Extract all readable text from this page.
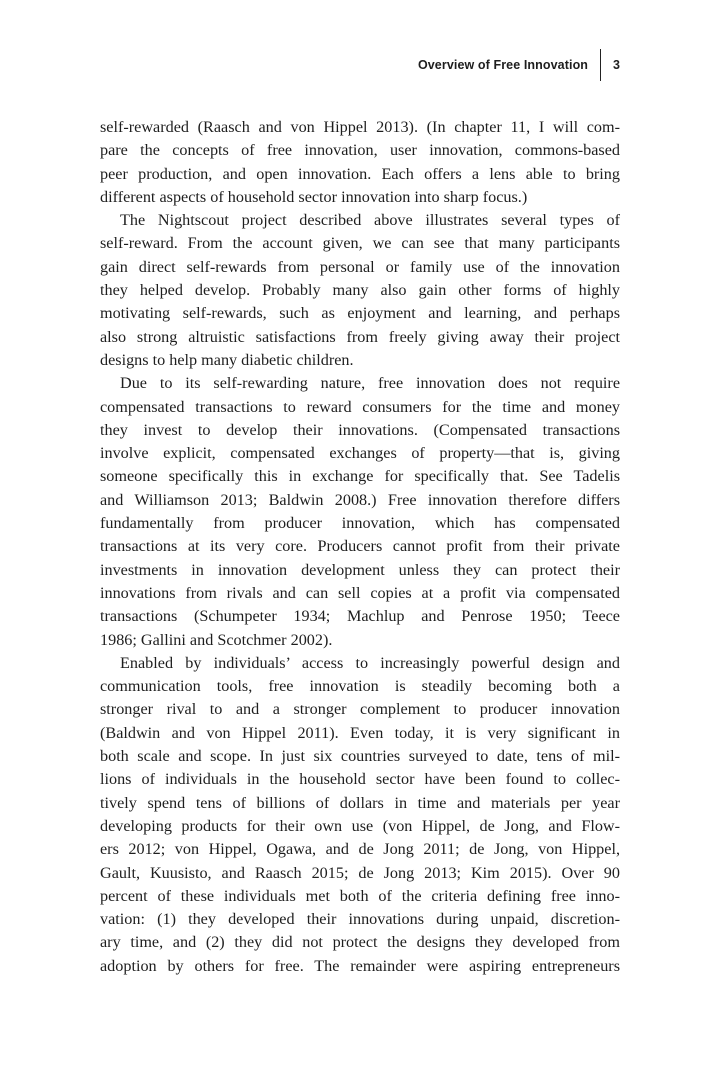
Overview of Free Innovation	3
self-rewarded (Raasch and von Hippel 2013). (In chapter 11, I will com-
pare the concepts of free innovation, user innovation, commons-based
peer production, and open innovation. Each offers a lens able to bring
different aspects of household sector innovation into sharp focus.)
The Nightscout project described above illustrates several types of
self-reward. From the account given, we can see that many participants
gain direct self-rewards from personal or family use of the innovation
they helped develop. Probably many also gain other forms of highly
motivating self-rewards, such as enjoyment and learning, and perhaps
also strong altruistic satisfactions from freely giving away their project
designs to help many diabetic children.
Due to its self-rewarding nature, free innovation does not require
compensated transactions to reward consumers for the time and money
they invest to develop their innovations. (Compensated transactions
involve explicit, compensated exchanges of property—that is, giving
someone specifically this in exchange for specifically that. See Tadelis
and Williamson 2013; Baldwin 2008.) Free innovation therefore differs
fundamentally from producer innovation, which has compensated
transactions at its very core. Producers cannot profit from their private
investments in innovation development unless they can protect their
innovations from rivals and can sell copies at a profit via compensated
transactions (Schumpeter 1934; Machlup and Penrose 1950; Teece
1986; Gallini and Scotchmer 2002).
Enabled by individuals’ access to increasingly powerful design and
communication tools, free innovation is steadily becoming both a
stronger rival to and a stronger complement to producer innovation
(Baldwin and von Hippel 2011). Even today, it is very significant in
both scale and scope. In just six countries surveyed to date, tens of mil-
lions of individuals in the household sector have been found to collec-
tively spend tens of billions of dollars in time and materials per year
developing products for their own use (von Hippel, de Jong, and Flow-
ers 2012; von Hippel, Ogawa, and de Jong 2011; de Jong, von Hippel,
Gault, Kuusisto, and Raasch 2015; de Jong 2013; Kim 2015). Over 90
percent of these individuals met both of the criteria defining free inno-
vation: (1) they developed their innovations during unpaid, discretion-
ary time, and (2) they did not protect the designs they developed from
adoption by others for free. The remainder were aspiring entrepreneurs
